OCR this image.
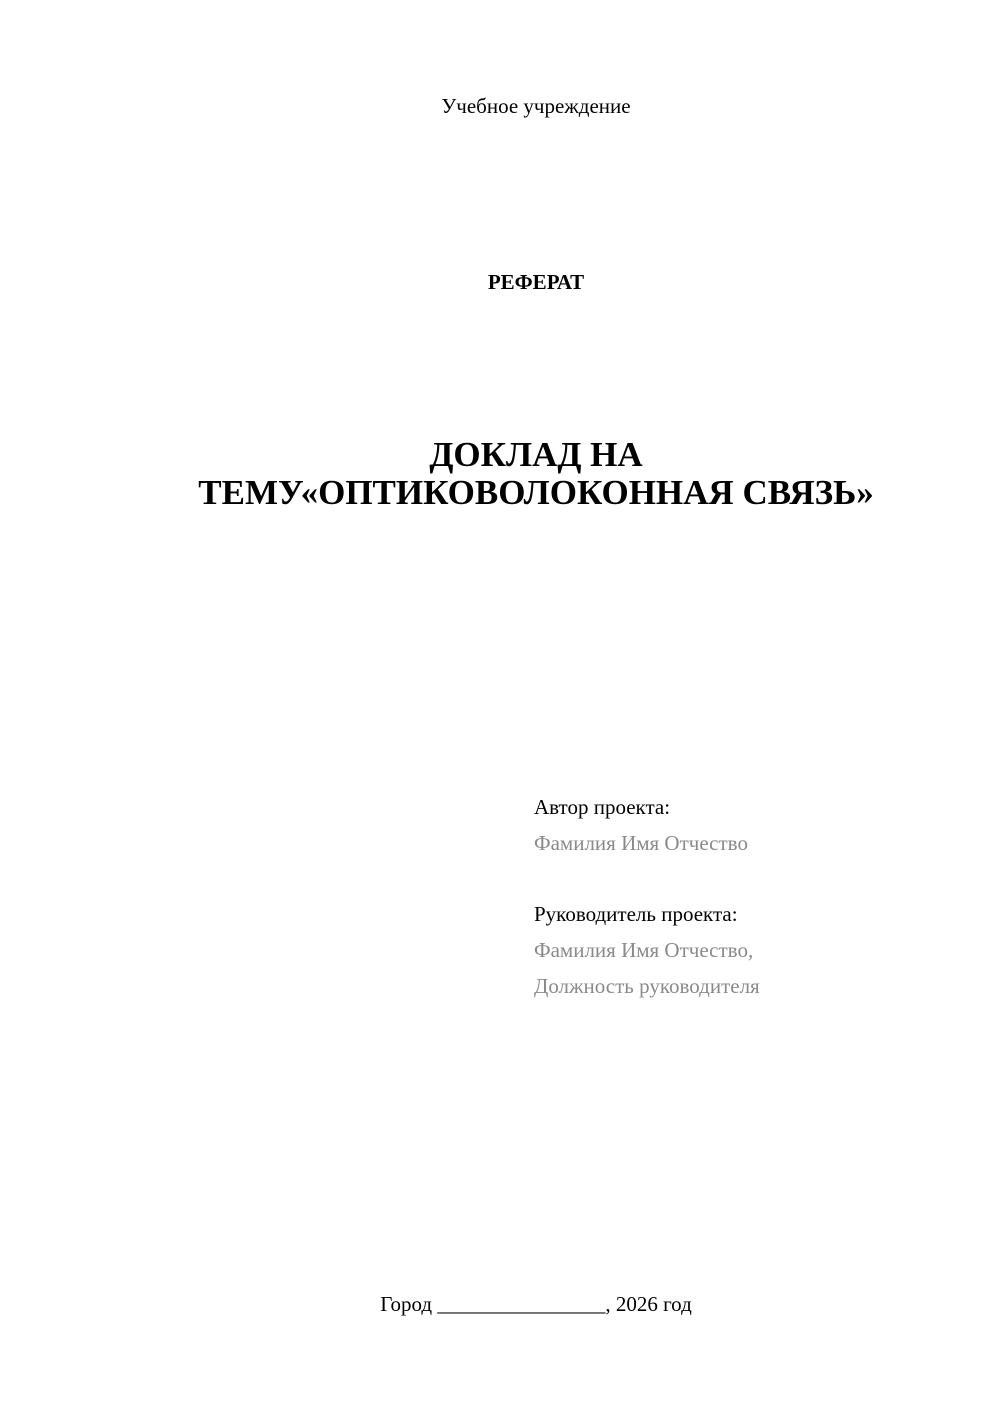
Учебное учреждение
РЕФЕРАТ
ДОКЛАД НА
ТЕМУ«ОПТИКОВОЛОКОННАЯ СВЯЗЬ»
Автор проекта:
Фамилия Имя Отчество
Руководитель проекта:
Фамилия Имя Отчество,
Должность руководителя
Город ________________, 2026 год
